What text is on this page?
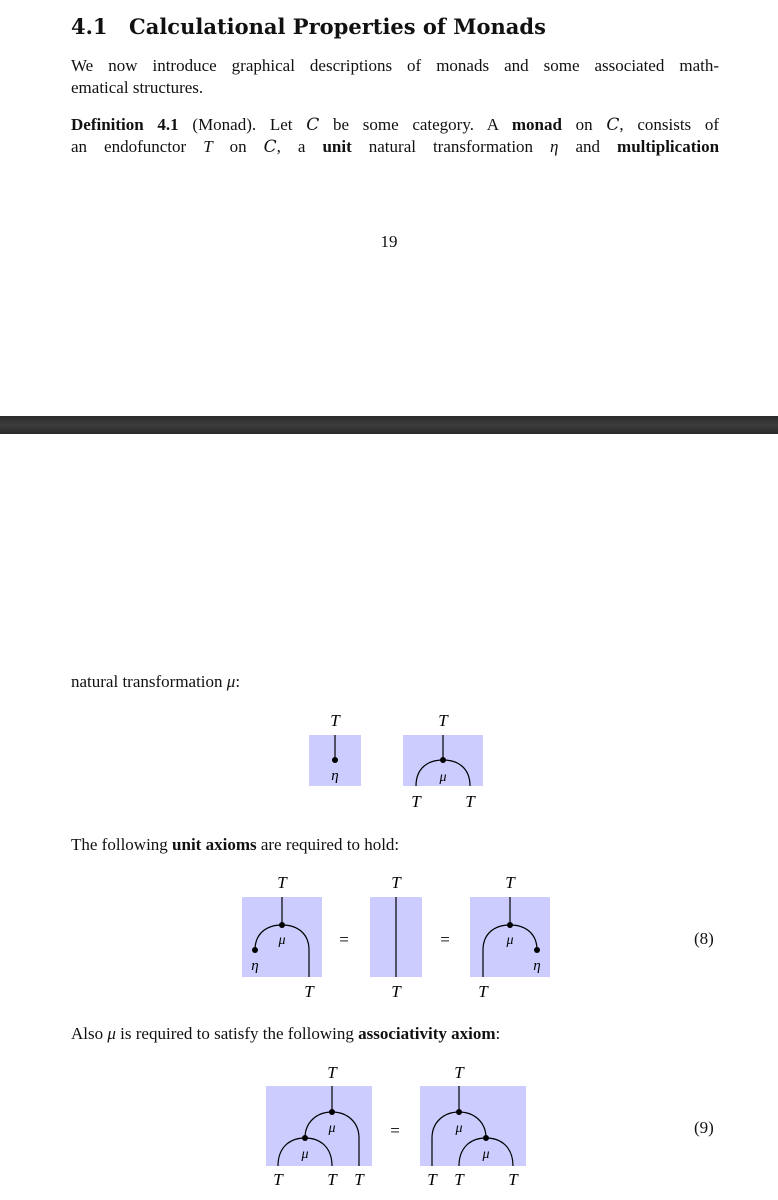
4.1 Calculational Properties of Monads
We now introduce graphical descriptions of monads and some associated math-
ematical structures.
Definition 4.1 (Monad). Let C be some category. A monad on C, consists of
an endofunctor T on C, a unit natural transformation η and multiplication
19
natural transformation μ:
T
η
T
μ
T	T
The following unit axioms are required to hold:
T
μ
η
T
=
T
T
=
T
μ
η
T
(8)
Also μ is required to satisfy the following associativity axiom:
T
μ
μ
T	T T
=
T
μ
μ
T T	T
(9)
